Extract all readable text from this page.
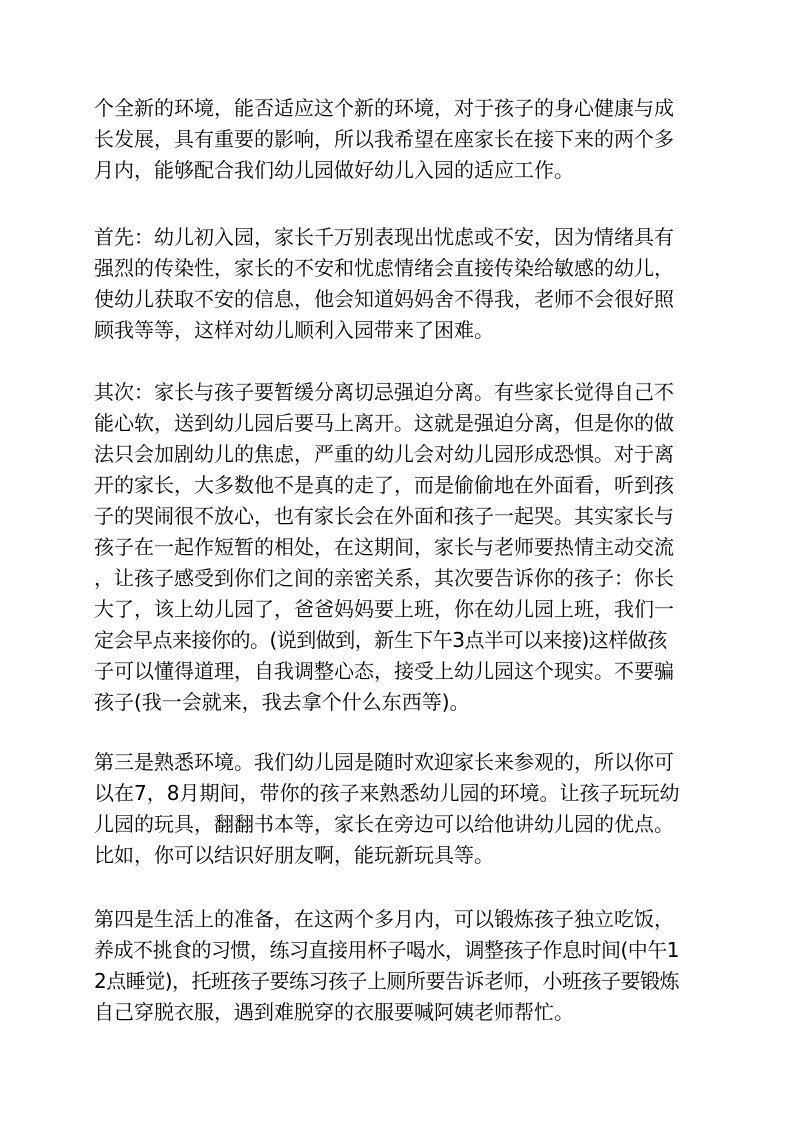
个全新的环境，能否适应这个新的环境，对于孩子的身心健康与成
长发展，具有重要的影响，所以我希望在座家长在接下来的两个多
月内，能够配合我们幼儿园做好幼儿入园的适应工作。

首先：幼儿初入园，家长千万别表现出忧虑或不安，因为情绪具有
强烈的传染性，家长的不安和忧虑情绪会直接传染给敏感的幼儿，
使幼儿获取不安的信息，他会知道妈妈舍不得我，老师不会很好照
顾我等等，这样对幼儿顺利入园带来了困难。

其次：家长与孩子要暂缓分离切忌强迫分离。有些家长觉得自己不
能心软，送到幼儿园后要马上离开。这就是强迫分离，但是你的做
法只会加剧幼儿的焦虑，严重的幼儿会对幼儿园形成恐惧。对于离
开的家长，大多数他不是真的走了，而是偷偷地在外面看，听到孩
子的哭闹很不放心，也有家长会在外面和孩子一起哭。其实家长与
孩子在一起作短暂的相处，在这期间，家长与老师要热情主动交流
，让孩子感受到你们之间的亲密关系，其次要告诉你的孩子：你长
大了，该上幼儿园了，爸爸妈妈要上班，你在幼儿园上班，我们一
定会早点来接你的。(说到做到，新生下午3点半可以来接)这样做孩
子可以懂得道理，自我调整心态，接受上幼儿园这个现实。不要骗
孩子(我一会就来，我去拿个什么东西等)。

第三是熟悉环境。我们幼儿园是随时欢迎家长来参观的，所以你可
以在7，8月期间，带你的孩子来熟悉幼儿园的环境。让孩子玩玩幼
儿园的玩具，翻翻书本等，家长在旁边可以给他讲幼儿园的优点。
比如，你可以结识好朋友啊，能玩新玩具等。

第四是生活上的准备，在这两个多月内，可以锻炼孩子独立吃饭，
养成不挑食的习惯，练习直接用杯子喝水，调整孩子作息时间(中午1
2点睡觉)，托班孩子要练习孩子上厕所要告诉老师，小班孩子要锻炼
自己穿脱衣服，遇到难脱穿的衣服要喊阿姨老师帮忙。
